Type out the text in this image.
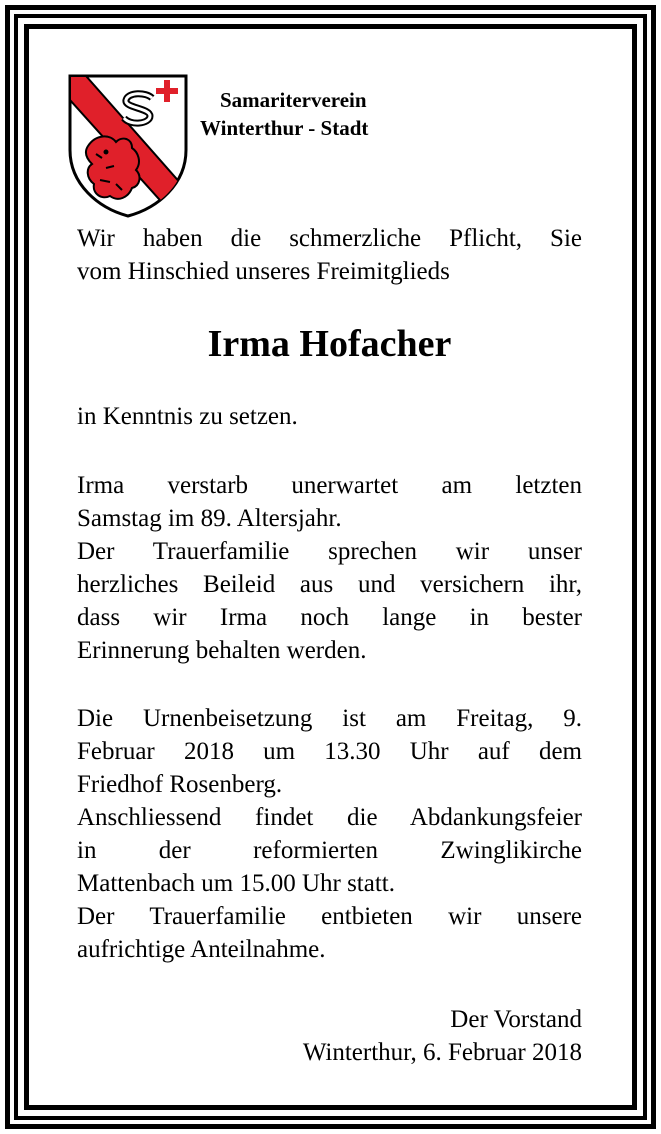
Samariterverein
Winterthur - Stadt
Wir haben die schmerzliche Pflicht, Sie
vom Hinschied unseres Freimitglieds
Irma Hofacher
in Kenntnis zu setzen.
Irma verstarb unerwartet am letzten
Samstag im 89. Altersjahr.
Der Trauerfamilie sprechen wir unser
herzliches Beileid aus und versichern ihr,
dass wir Irma noch lange in bester
Erinnerung behalten werden.
Die Urnenbeisetzung ist am Freitag, 9.
Februar 2018 um 13.30 Uhr auf dem
Friedhof Rosenberg.
Anschliessend findet die Abdankungsfeier
in der reformierten Zwinglikirche
Mattenbach um 15.00 Uhr statt.
Der Trauerfamilie entbieten wir unsere
aufrichtige Anteilnahme.
Der Vorstand
Winterthur, 6. Februar 2018
